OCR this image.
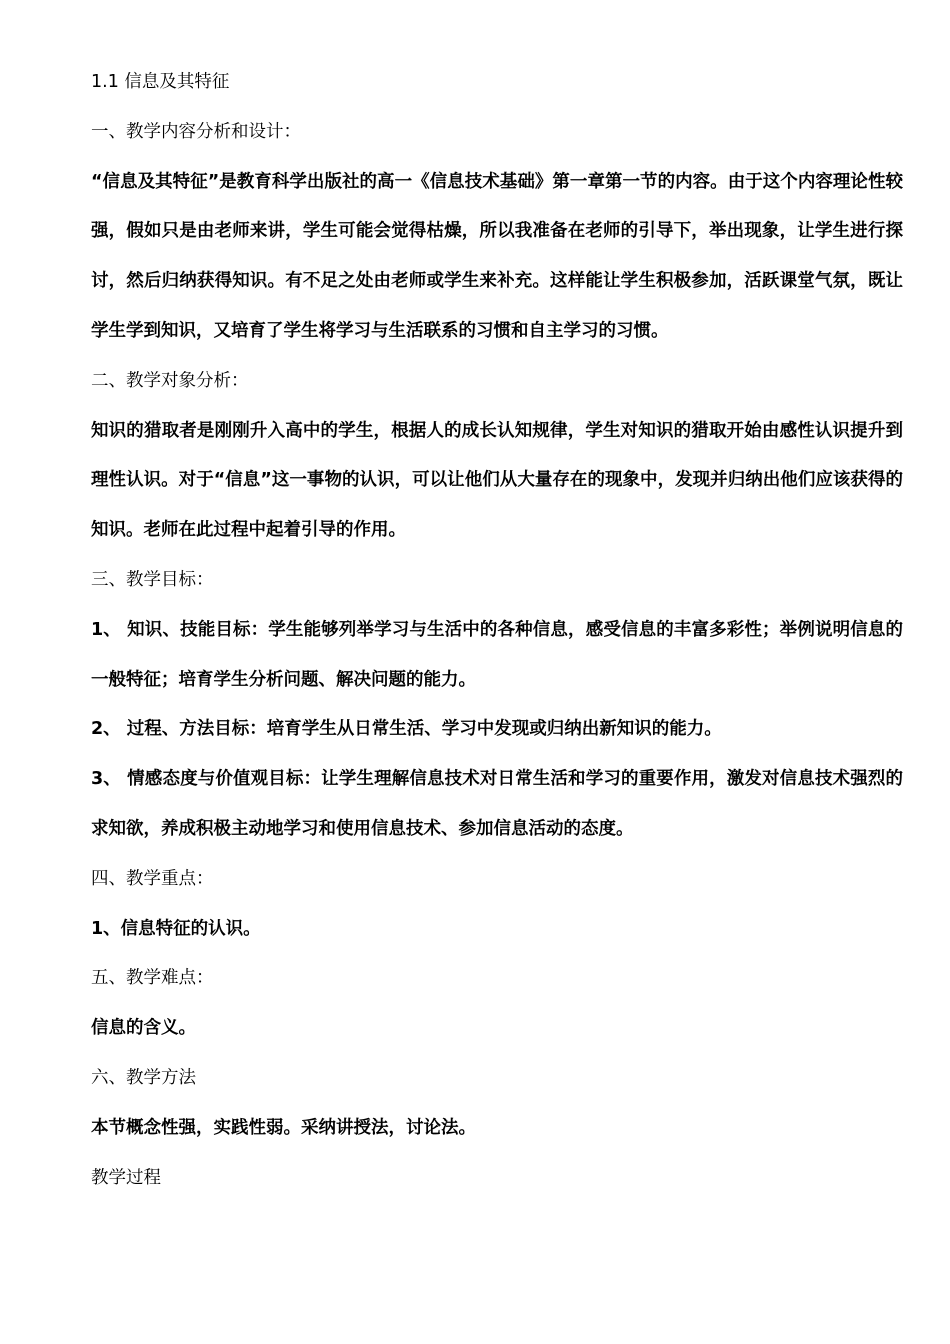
1.1 信息及其特征

一、教学内容分析和设计：

“信息及其特征”是教育科学出版社的高一《信息技术基础》第一章第一节的内容。由于这个内容理论性较强，假如只是由老师来讲，学生可能会觉得枯燥，所以我准备在老师的引导下，举出现象，让学生进行探讨，然后归纳获得知识。有不足之处由老师或学生来补充。这样能让学生积极参加，活跃课堂气氛，既让学生学到知识，又培育了学生将学习与生活联系的习惯和自主学习的习惯。

二、教学对象分析：

知识的猎取者是刚刚升入高中的学生，根据人的成长认知规律，学生对知识的猎取开始由感性认识提升到理性认识。对于“信息”这一事物的认识，可以让他们从大量存在的现象中，发现并归纳出他们应该获得的知识。老师在此过程中起着引导的作用。

三、教学目标：

1、 知识、技能目标：学生能够列举学习与生活中的各种信息，感受信息的丰富多彩性；举例说明信息的一般特征；培育学生分析问题、解决问题的能力。

2、 过程、方法目标：培育学生从日常生活、学习中发现或归纳出新知识的能力。

3、 情感态度与价值观目标：让学生理解信息技术对日常生活和学习的重要作用，激发对信息技术强烈的求知欲，养成积极主动地学习和使用信息技术、参加信息活动的态度。

四、教学重点：

1、信息特征的认识。

五、教学难点：

信息的含义。

六、教学方法

本节概念性强，实践性弱。采纳讲授法，讨论法。

教学过程
